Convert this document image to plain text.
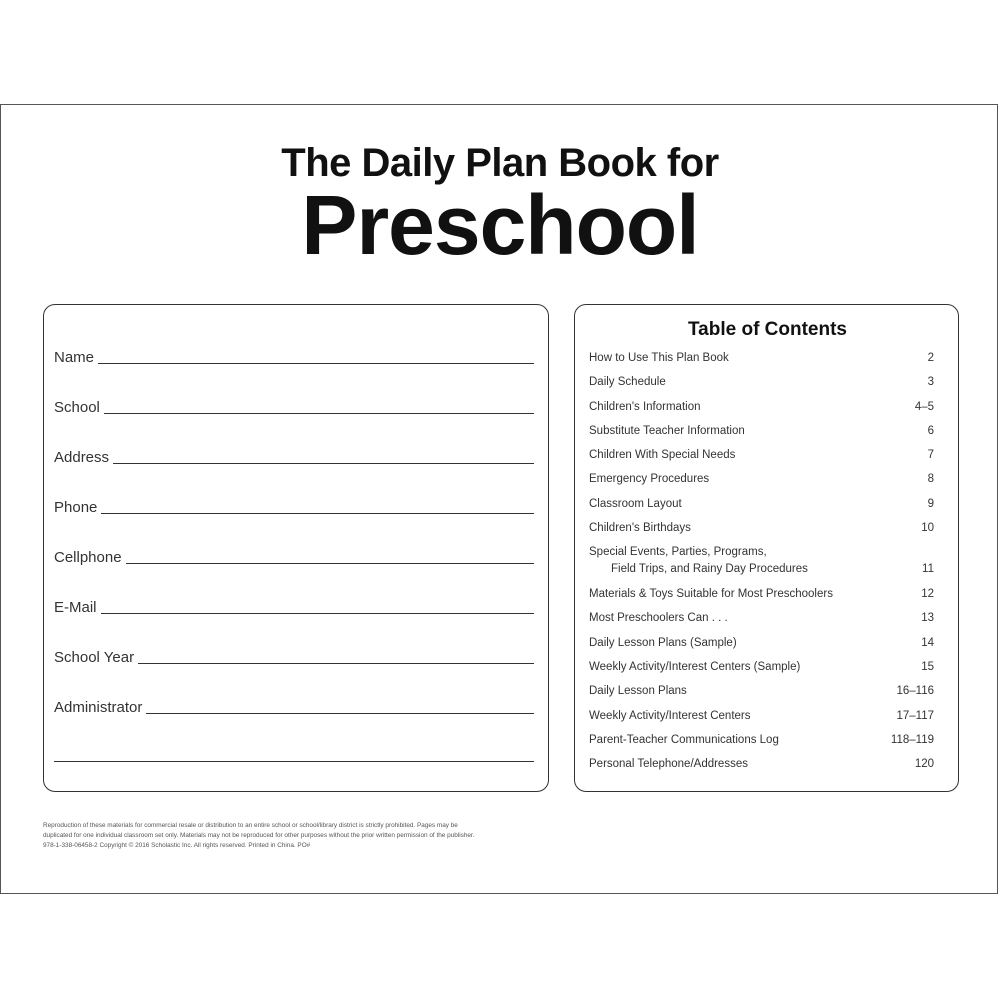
The Daily Plan Book for
Preschool
Name
School
Address
Phone
Cellphone
E-Mail
School Year
Administrator
Table of Contents
How to Use This Plan Book	2
Daily Schedule	3
Children's Information	4–5
Substitute Teacher Information	6
Children With Special Needs	7
Emergency Procedures	8
Classroom Layout	9
Children's Birthdays	10
Special Events, Parties, Programs,
Field Trips, and Rainy Day Procedures	11
Materials & Toys Suitable for Most Preschoolers	12
Most Preschoolers Can . . .	13
Daily Lesson Plans (Sample)	14
Weekly Activity/Interest Centers (Sample)	15
Daily Lesson Plans	16–116
Weekly Activity/Interest Centers	17–117
Parent-Teacher Communications Log	118–119
Personal Telephone/Addresses	120
Reproduction of these materials for commercial resale or distribution to an entire school or school/library district is strictly prohibited. Pages may be
duplicated for one individual classroom set only. Materials may not be reproduced for other purposes without the prior written permission of the publisher.
978-1-338-06458-2 Copyright © 2016 Scholastic Inc. All rights reserved. Printed in China. PO#
